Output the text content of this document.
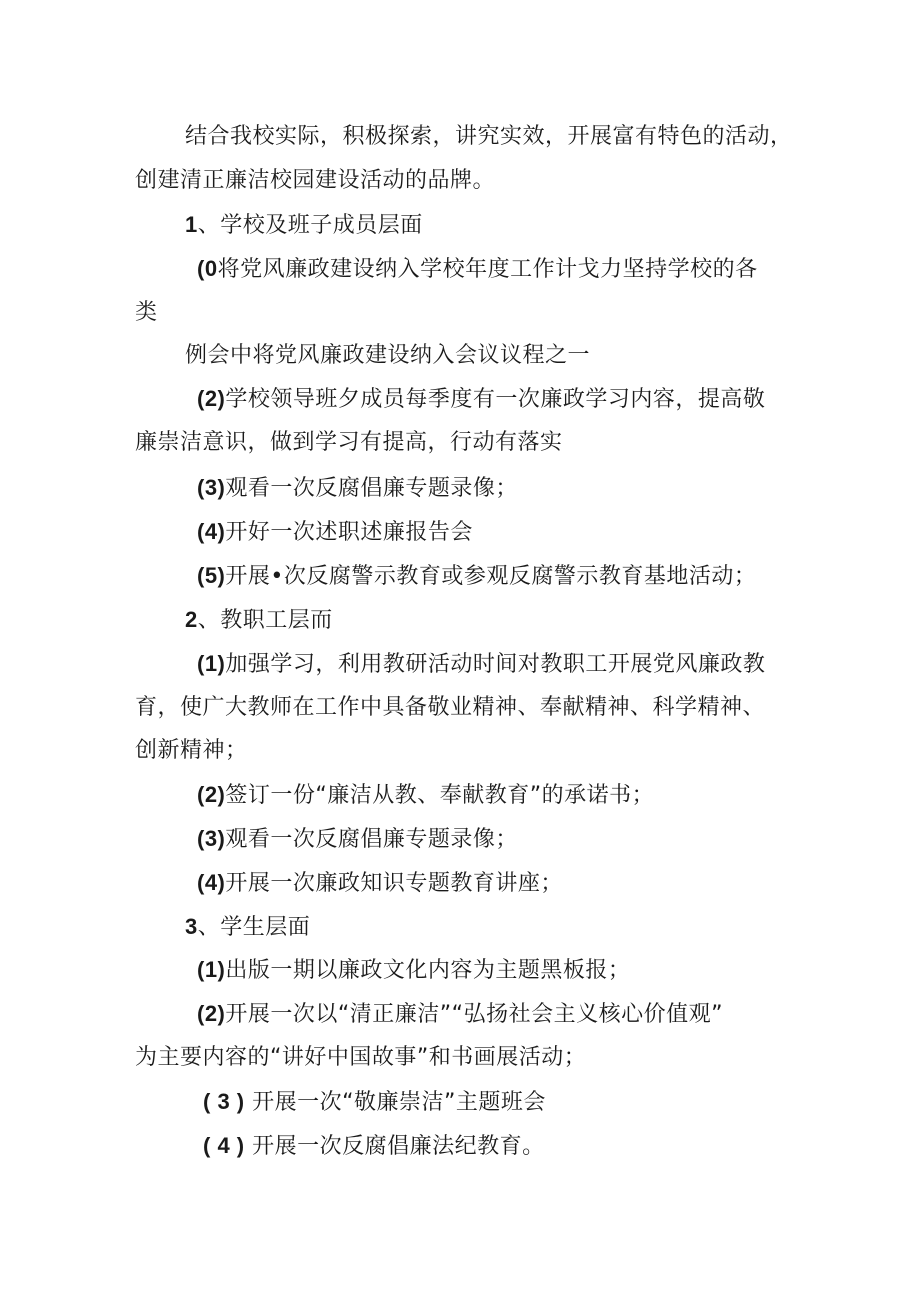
结合我校实际，积极探索，讲究实效，开展富有特色的活动，
创建清正廉洁校园建设活动的品牌。
1、学校及班子成员层面
(0将党风廉政建设纳入学校年度工作计戈力坚持学校的各
类
例会中将党风廉政建设纳入会议议程之一
(2)学校领导班夕成员每季度有一次廉政学习内容，提高敬
廉崇洁意识，做到学习有提高，行动有落实
(3)观看一次反腐倡廉专题录像；
(4)开好一次述职述廉报告会
(5)开展•次反腐警示教育或参观反腐警示教育基地活动；
2、教职工层而
(1)加强学习，利用教研活动时间对教职工开展党风廉政教
育，使广大教师在工作中具备敬业精神、奉献精神、科学精神、
创新精神；
(2)签订一份“廉洁从教、奉献教育”的承诺书；
(3)观看一次反腐倡廉专题录像；
(4)开展一次廉政知识专题教育讲座；
3、学生层面
(1)出版一期以廉政文化内容为主题黑板报；
(2)开展一次以“清正廉洁”“弘扬社会主义核心价值观”
为主要内容的“讲好中国故事”和书画展活动；
( 3 ) 开展一次“敬廉崇洁”主题班会
( 4 ) 开展一次反腐倡廉法纪教育。
